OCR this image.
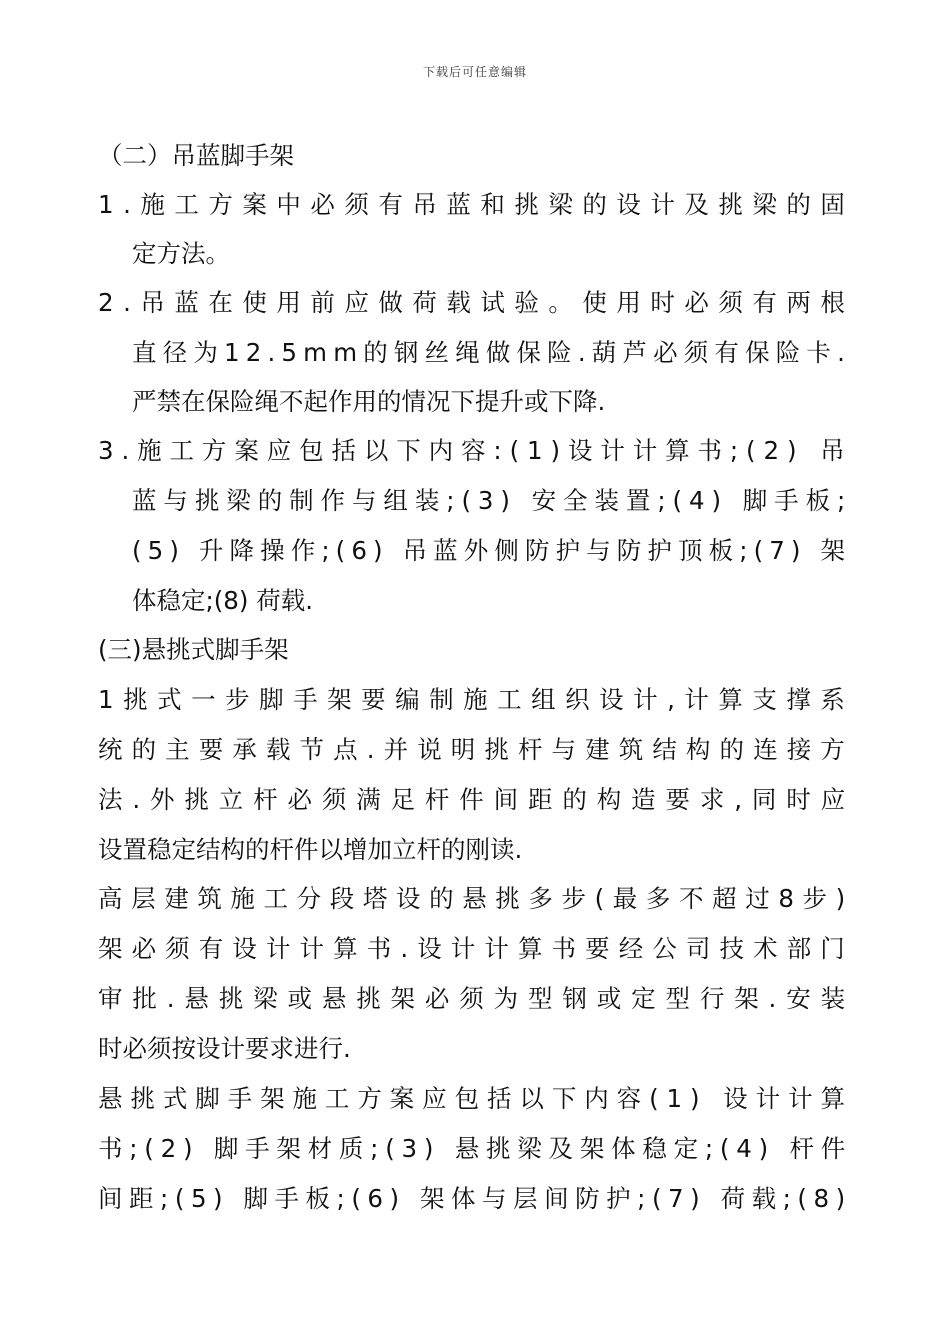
下载后可任意编辑
（二）吊蓝脚手架
1.施工方案中必须有吊蓝和挑梁的设计及挑梁的固
定方法。
2.吊蓝在使用前应做荷载试验。使用时必须有两根
直径为12.5mm的钢丝绳做保险.葫芦必须有保险卡.
严禁在保险绳不起作用的情况下提升或下降.
3.施工方案应包括以下内容:(1)设计计算书;(2) 吊
蓝与挑梁的制作与组装;(3) 安全装置;(4) 脚手板;
(5) 升降操作;(6) 吊蓝外侧防护与防护顶板;(7) 架
体稳定;(8) 荷载.
(三)悬挑式脚手架
1挑式一步脚手架要编制施工组织设计,计算支撑系
统的主要承载节点.并说明挑杆与建筑结构的连接方
法.外挑立杆必须满足杆件间距的构造要求,同时应
设置稳定结构的杆件以增加立杆的刚读.
高层建筑施工分段塔设的悬挑多步(最多不超过8步)
架必须有设计计算书.设计计算书要经公司技术部门
审批.悬挑梁或悬挑架必须为型钢或定型行架.安装
时必须按设计要求进行.
悬挑式脚手架施工方案应包括以下内容(1) 设计计算
书;(2) 脚手架材质;(3) 悬挑梁及架体稳定;(4) 杆件
间距;(5) 脚手板;(6) 架体与层间防护;(7) 荷载;(8)
